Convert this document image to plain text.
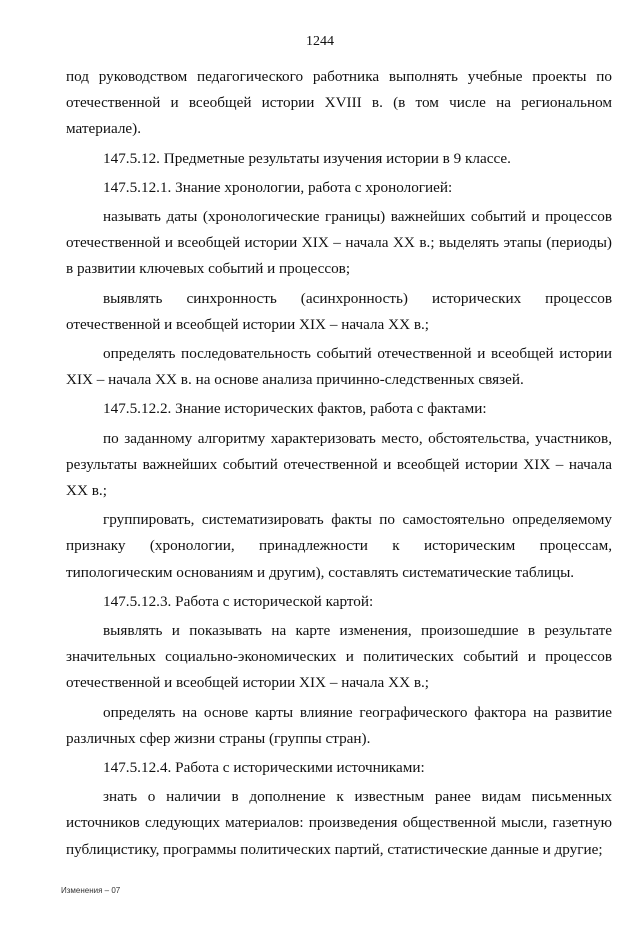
1244

под руководством педагогического работника выполнять учебные проекты по отечественной и всеобщей истории XVIII в. (в том числе на региональном материале).

147.5.12. Предметные результаты изучения истории в 9 классе.

147.5.12.1. Знание хронологии, работа с хронологией:

называть даты (хронологические границы) важнейших событий и процессов отечественной и всеобщей истории XIX – начала XX в.; выделять этапы (периоды) в развитии ключевых событий и процессов;

выявлять синхронность (асинхронность) исторических процессов отечественной и всеобщей истории XIX – начала XX в.;

определять последовательность событий отечественной и всеобщей истории XIX – начала XX в. на основе анализа причинно-следственных связей.

147.5.12.2. Знание исторических фактов, работа с фактами:

по заданному алгоритму характеризовать место, обстоятельства, участников, результаты важнейших событий отечественной и всеобщей истории XIX – начала XX в.;

группировать, систематизировать факты по самостоятельно определяемому признаку (хронологии, принадлежности к историческим процессам, типологическим основаниям и другим), составлять систематические таблицы.

147.5.12.3. Работа с исторической картой:

выявлять и показывать на карте изменения, произошедшие в результате значительных социально-экономических и политических событий и процессов отечественной и всеобщей истории XIX – начала XX в.;

определять на основе карты влияние географического фактора на развитие различных сфер жизни страны (группы стран).

147.5.12.4. Работа с историческими источниками:

знать о наличии в дополнение к известным ранее видам письменных источников следующих материалов: произведения общественной мысли, газетную публицистику, программы политических партий, статистические данные и другие;

Изменения – 07
